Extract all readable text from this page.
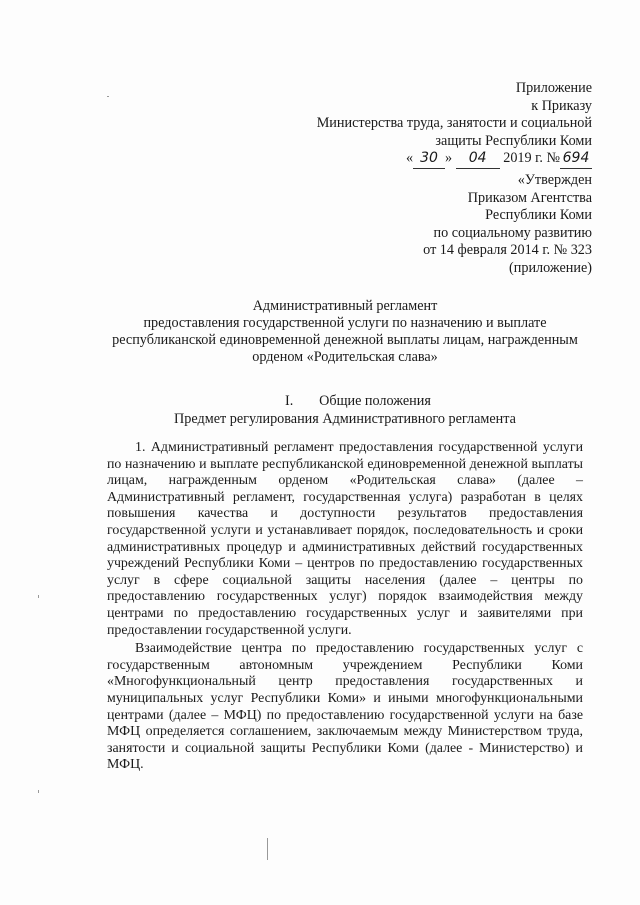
Приложение
к Приказу
Министерства труда, занятости и социальной
защиты Республики Коми
« 30 » 04 2019 г. № 694
«Утвержден
Приказом Агентства
Республики Коми
по социальному развитию
от 14 февраля 2014 г. № 323
(приложение)
Административный регламент
предоставления государственной услуги по назначению и выплате
республиканской единовременной денежной выплаты лицам, награжденным
орденом «Родительская слава»
I. Общие положения
Предмет регулирования Административного регламента

1. Административный регламент предоставления государственной услуги по назначению и выплате республиканской единовременной денежной выплаты лицам, награжденным орденом «Родительская слава» (далее – Административный регламент, государственная услуга) разработан в целях повышения качества и доступности результатов предоставления государственной услуги и устанавливает порядок, последовательность и сроки административных процедур и административных действий государственных учреждений Республики Коми – центров по предоставлению государственных услуг в сфере социальной защиты населения (далее – центры по предоставлению государственных услуг) порядок взаимодействия между центрами по предоставлению государственных услуг и заявителями при предоставлении государственной услуги.

Взаимодействие центра по предоставлению государственных услуг с государственным автономным учреждением Республики Коми «Многофункциональный центр предоставления государственных и муниципальных услуг Республики Коми» и иными многофункциональными центрами (далее – МФЦ) по предоставлению государственной услуги на базе МФЦ определяется соглашением, заключаемым между Министерством труда, занятости и социальной защиты Республики Коми (далее - Министерство) и МФЦ.
